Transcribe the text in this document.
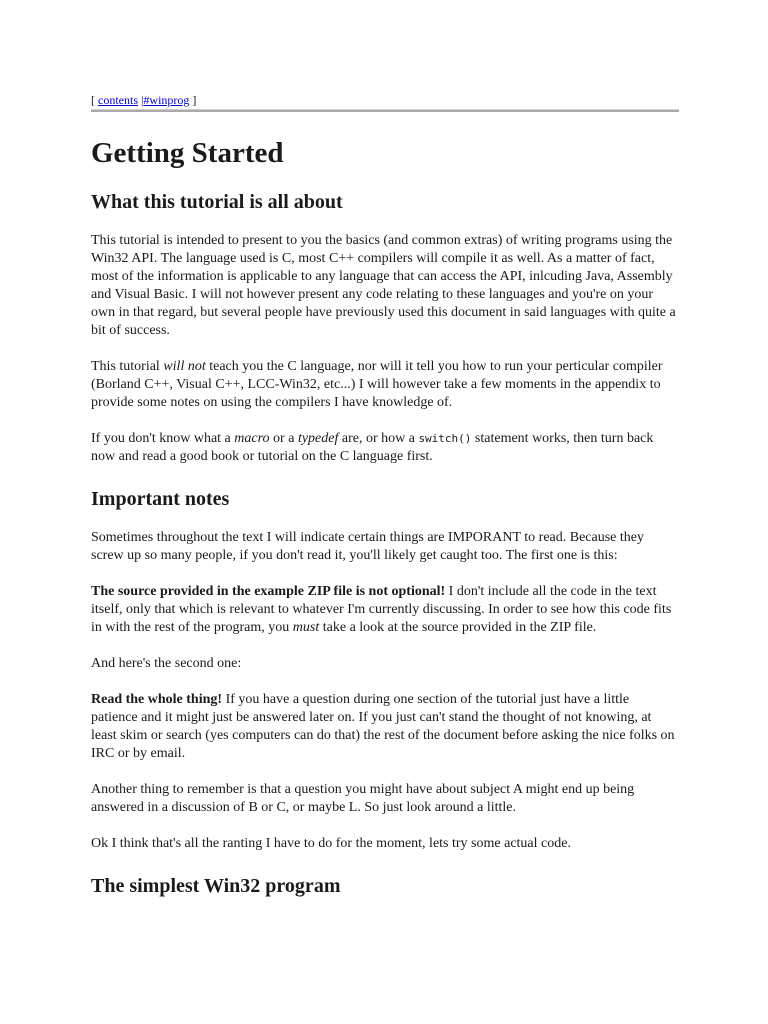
[ contents |#winprog ]

Getting Started
What this tutorial is all about

This tutorial is intended to present to you the basics (and common extras) of writing programs using the Win32 API. The language used is C, most C++ compilers will compile it as well. As a matter of fact, most of the information is applicable to any language that can access the API, inlcuding Java, Assembly and Visual Basic. I will not however present any code relating to these languages and you're on your own in that regard, but several people have previously used this document in said languages with quite a bit of success.

This tutorial will not teach you the C language, nor will it tell you how to run your perticular compiler (Borland C++, Visual C++, LCC-Win32, etc...) I will however take a few moments in the appendix to provide some notes on using the compilers I have knowledge of.

If you don't know what a macro or a typedef are, or how a switch() statement works, then turn back now and read a good book or tutorial on the C language first.

Important notes

Sometimes throughout the text I will indicate certain things are IMPORANT to read. Because they screw up so many people, if you don't read it, you'll likely get caught too. The first one is this:

The source provided in the example ZIP file is not optional! I don't include all the code in the text itself, only that which is relevant to whatever I'm currently discussing. In order to see how this code fits in with the rest of the program, you must take a look at the source provided in the ZIP file.

And here's the second one:

Read the whole thing! If you have a question during one section of the tutorial just have a little patience and it might just be answered later on. If you just can't stand the thought of not knowing, at least skim or search (yes computers can do that) the rest of the document before asking the nice folks on IRC or by email.

Another thing to remember is that a question you might have about subject A might end up being answered in a discussion of B or C, or maybe L. So just look around a little.

Ok I think that's all the ranting I have to do for the moment, lets try some actual code.

The simplest Win32 program
